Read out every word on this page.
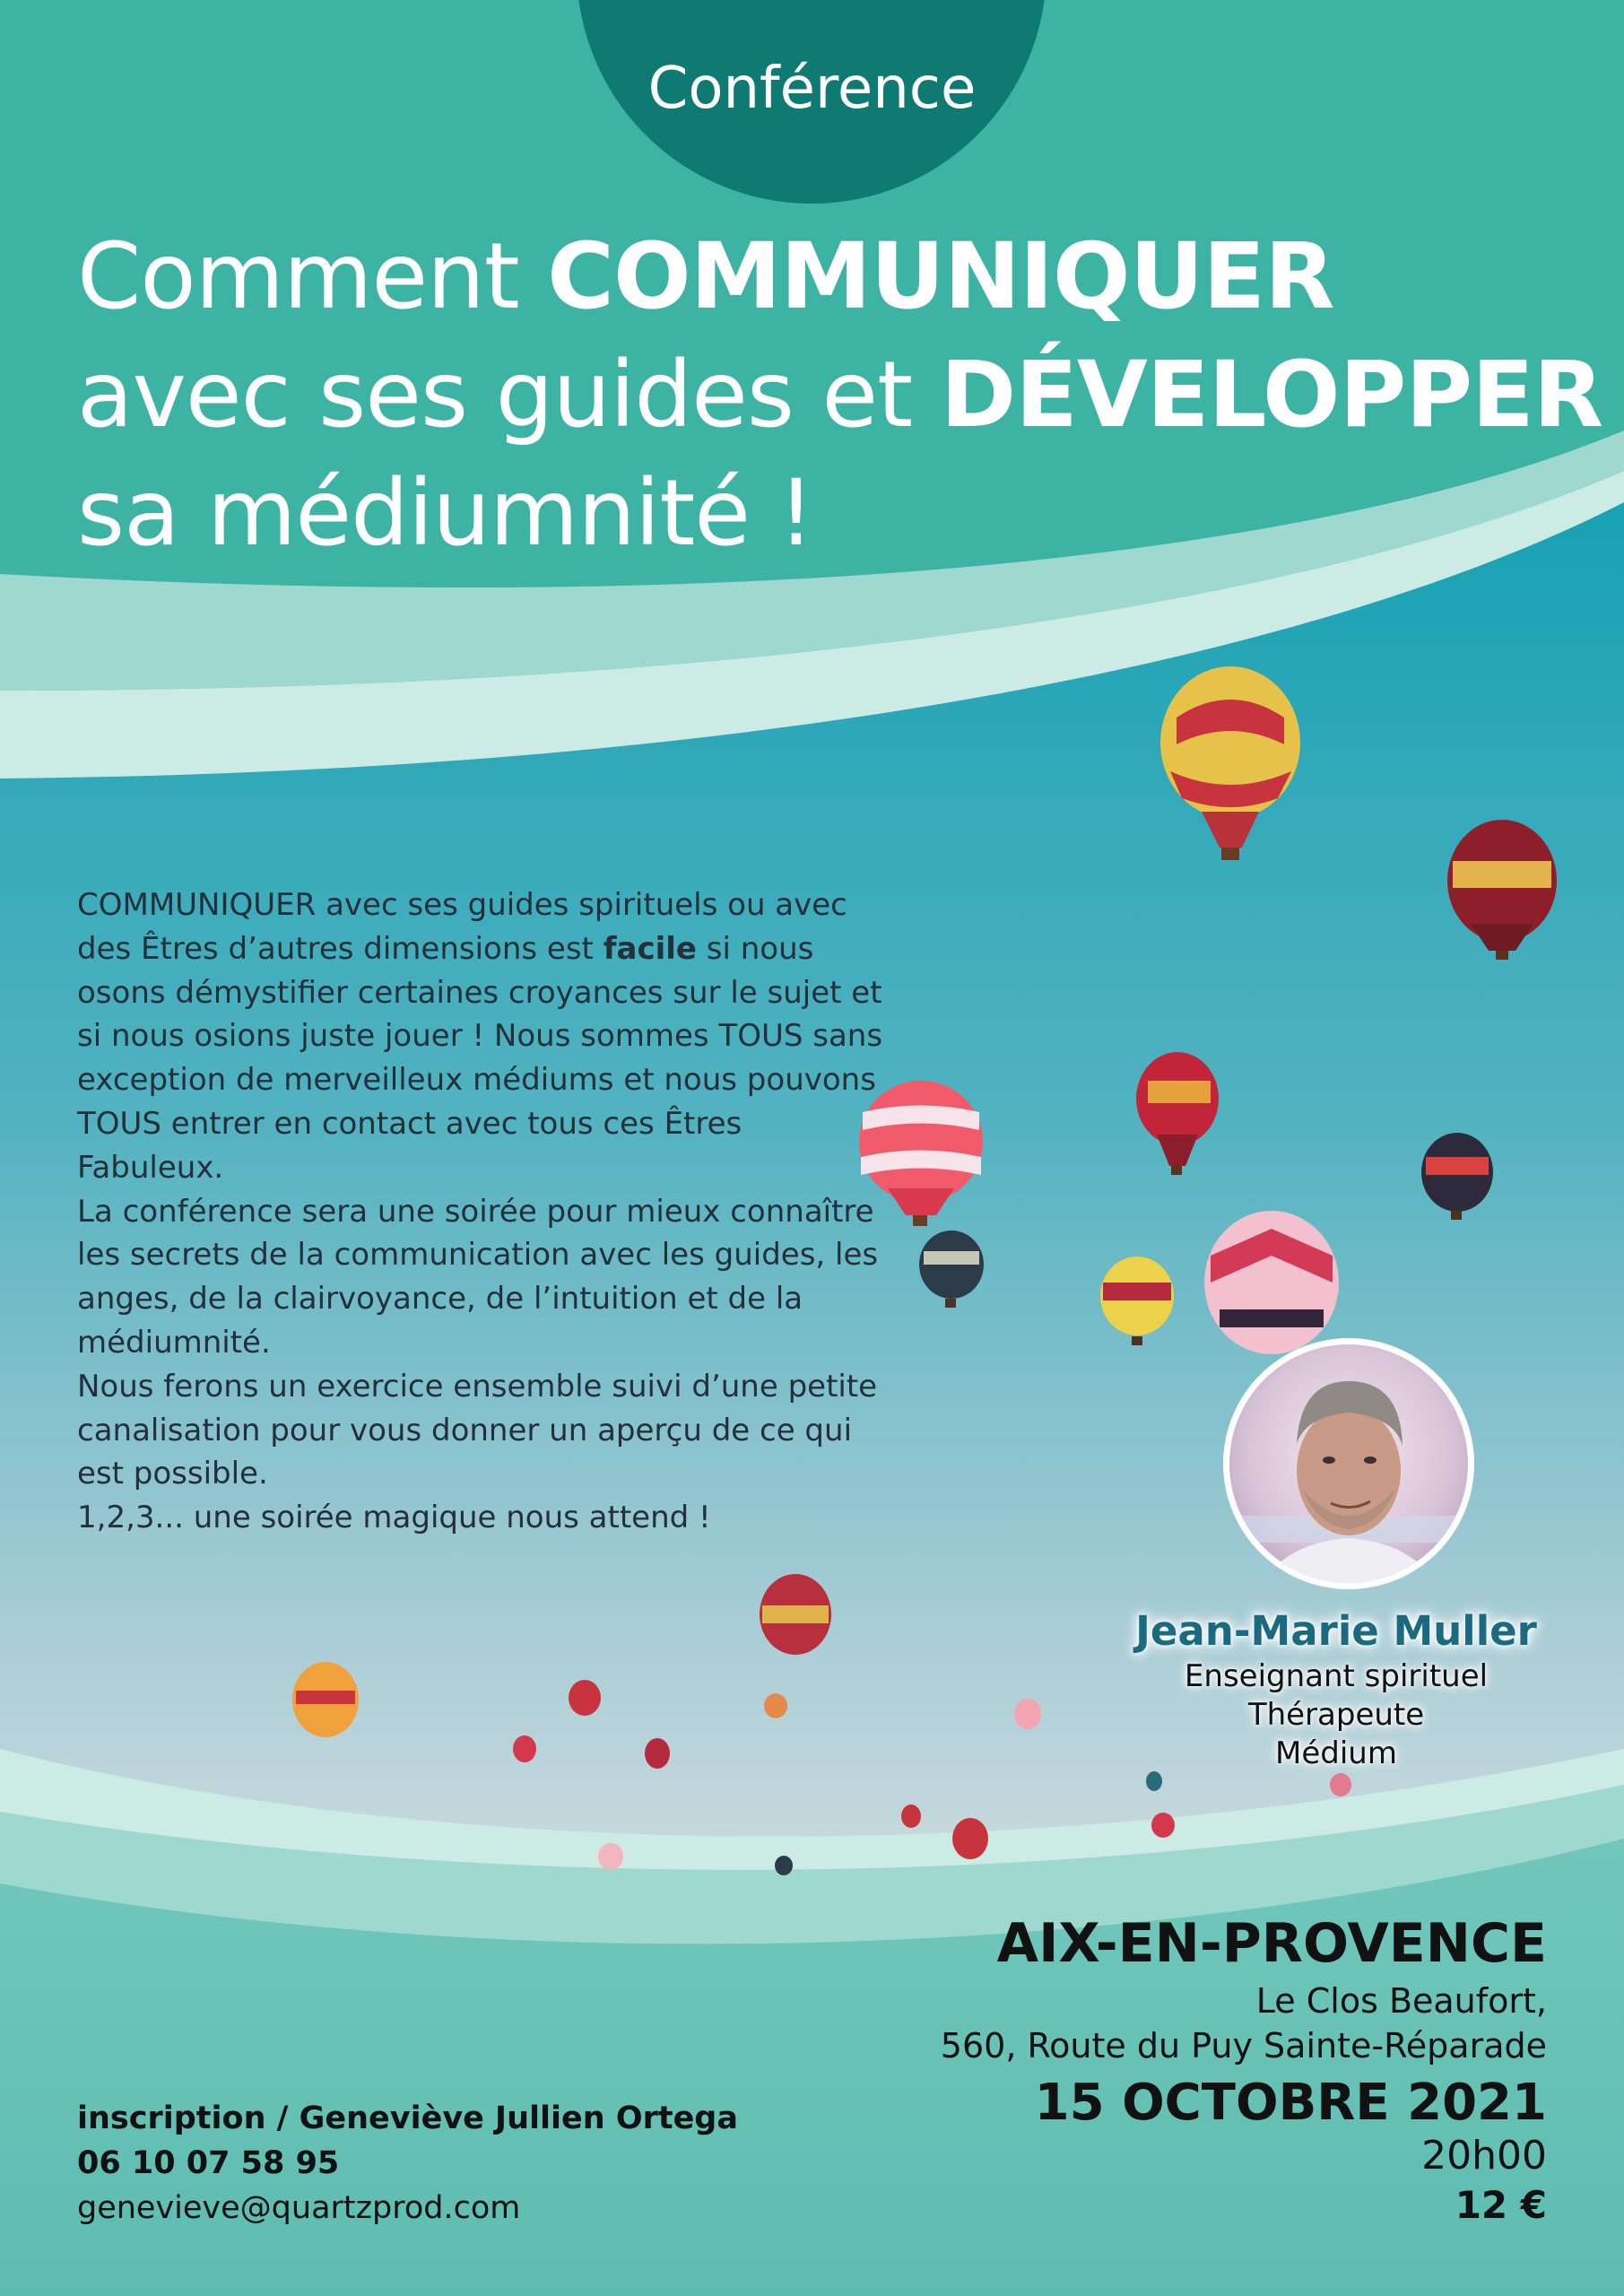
Conférence
Comment COMMUNIQUER
avec ses guides et DÉVELOPPER
sa médiumnité !

COMMUNIQUER avec ses guides spirituels ou avec des Êtres d’autres dimensions est facile si nous osons démystifier certaines croyances sur le sujet et si nous osions juste jouer ! Nous sommes TOUS sans exception de merveilleux médiums et nous pouvons TOUS entrer en contact avec tous ces Êtres Fabuleux.

La conférence sera une soirée pour mieux connaître les secrets de la communication avec les guides, les anges, de la clairvoyance, de l’intuition et de la médiumnité.

Nous ferons un exercice ensemble suivi d’une petite canalisation pour vous donner un aperçu de ce qui est possible.

1,2,3... une soirée magique nous attend !

Jean-Marie Muller
Enseignant spirituel
Thérapeute
Médium
AIX-EN-PROVENCE
Le Clos Beaufort,
560, Route du Puy Sainte-Réparade
15 OCTOBRE 2021
20h00
12 €
inscription / Geneviève Jullien Ortega
06 10 07 58 95
genevieve@quartzprod.com
